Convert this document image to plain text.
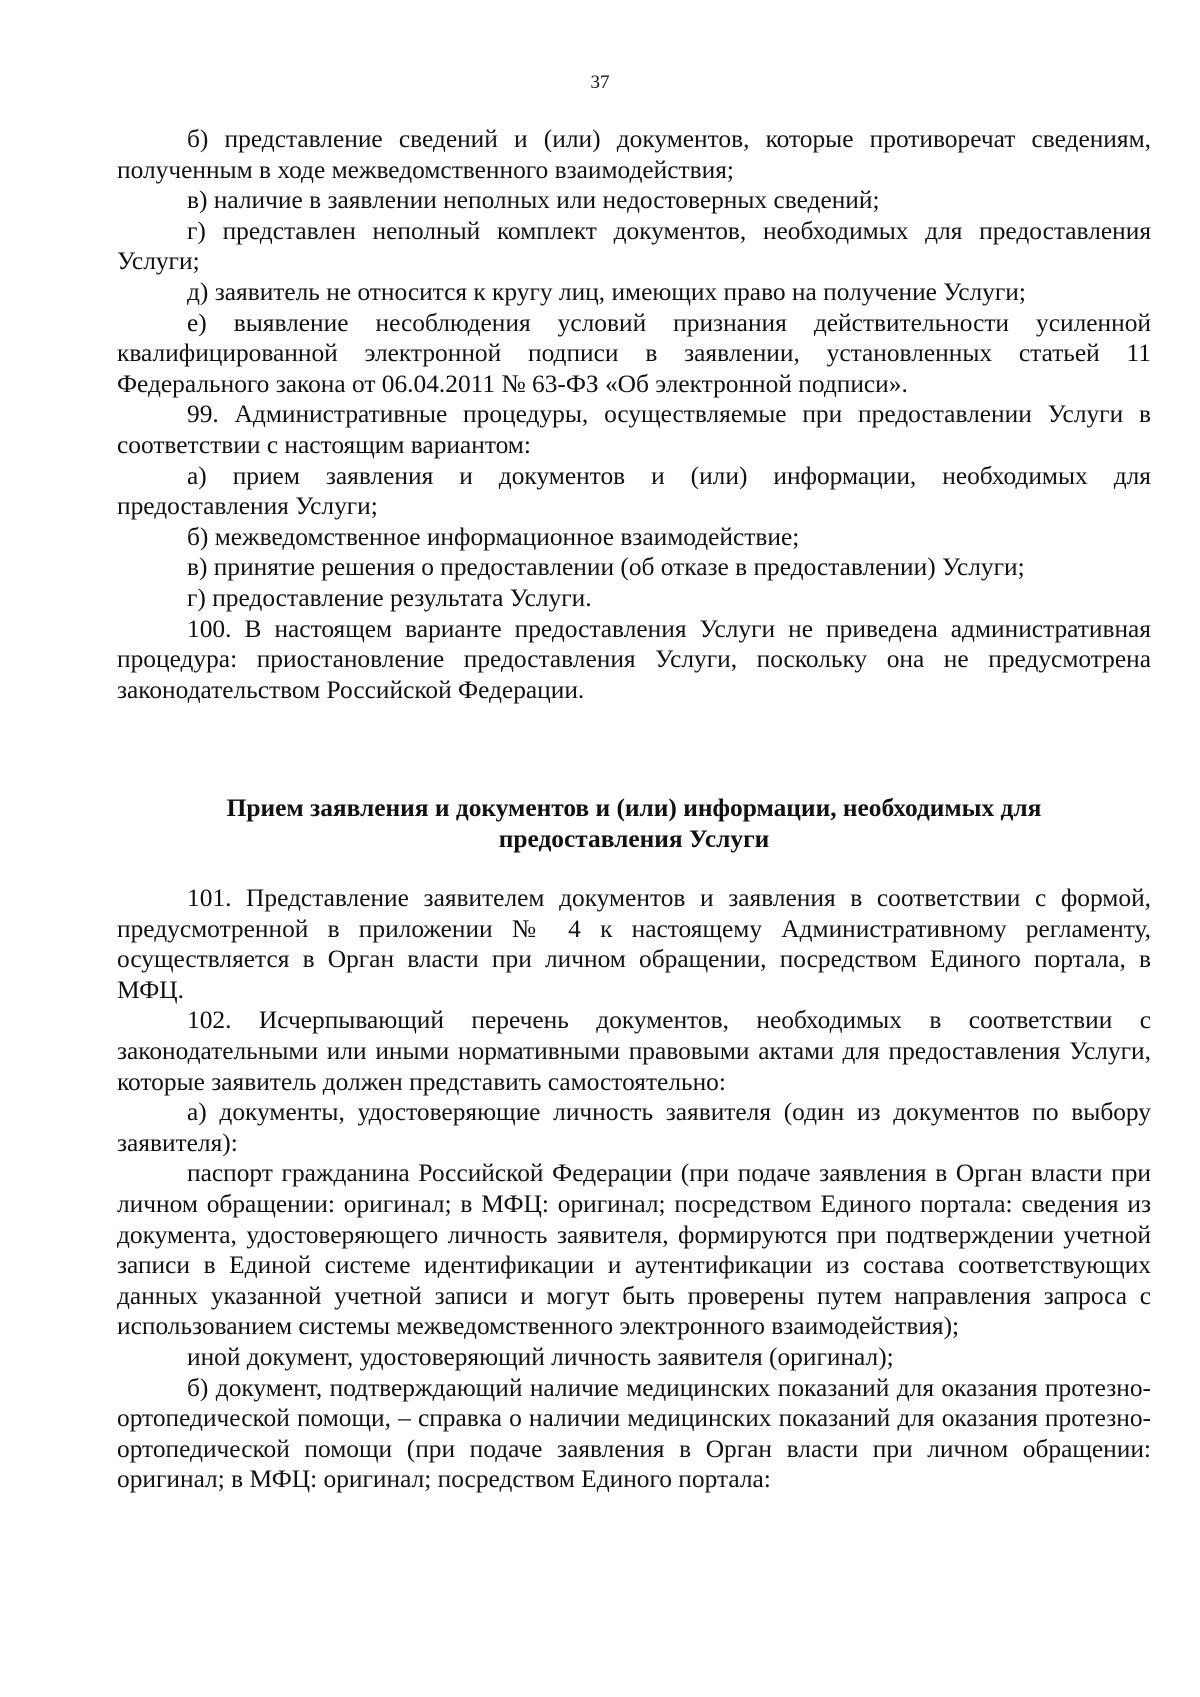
37

б) представление сведений и (или) документов, которые противоречат сведениям, полученным в ходе межведомственного взаимодействия;

в) наличие в заявлении неполных или недостоверных сведений;

г) представлен неполный комплект документов, необходимых для предоставления Услуги;

д) заявитель не относится к кругу лиц, имеющих право на получение Услуги;

е) выявление несоблюдения условий признания действительности усиленной квалифицированной электронной подписи в заявлении, установленных статьей 11 Федерального закона от 06.04.2011 № 63-ФЗ «Об электронной подписи».

99. Административные процедуры, осуществляемые при предоставлении Услуги в соответствии с настоящим вариантом:

а) прием заявления и документов и (или) информации, необходимых для предоставления Услуги;

б) межведомственное информационное взаимодействие;

в) принятие решения о предоставлении (об отказе в предоставлении) Услуги;

г) предоставление результата Услуги.

100. В настоящем варианте предоставления Услуги не приведена административная процедура: приостановление предоставления Услуги, поскольку она не предусмотрена законодательством Российской Федерации.

Прием заявления и документов и (или) информации, необходимых для
предоставления Услуги

101. Представление заявителем документов и заявления в соответствии с формой, предусмотренной в приложении № 4 к настоящему Административному регламенту, осуществляется в Орган власти при личном обращении, посредством Единого портала, в МФЦ.

102. Исчерпывающий перечень документов, необходимых в соответствии с законодательными или иными нормативными правовыми актами для предоставления Услуги, которые заявитель должен представить самостоятельно:

а) документы, удостоверяющие личность заявителя (один из документов по выбору заявителя):

паспорт гражданина Российской Федерации (при подаче заявления в Орган власти при личном обращении: оригинал; в МФЦ: оригинал; посредством Единого портала: сведения из документа, удостоверяющего личность заявителя, формируются при подтверждении учетной записи в Единой системе идентификации и аутентификации из состава соответствующих данных указанной учетной записи и могут быть проверены путем направления запроса с использованием системы межведомственного электронного взаимодействия);

иной документ, удостоверяющий личность заявителя (оригинал);

б) документ, подтверждающий наличие медицинских показаний для оказания протезно-ортопедической помощи, – справка о наличии медицинских показаний для оказания протезно-ортопедической помощи (при подаче заявления в Орган власти при личном обращении: оригинал; в МФЦ: оригинал; посредством Единого портала:
